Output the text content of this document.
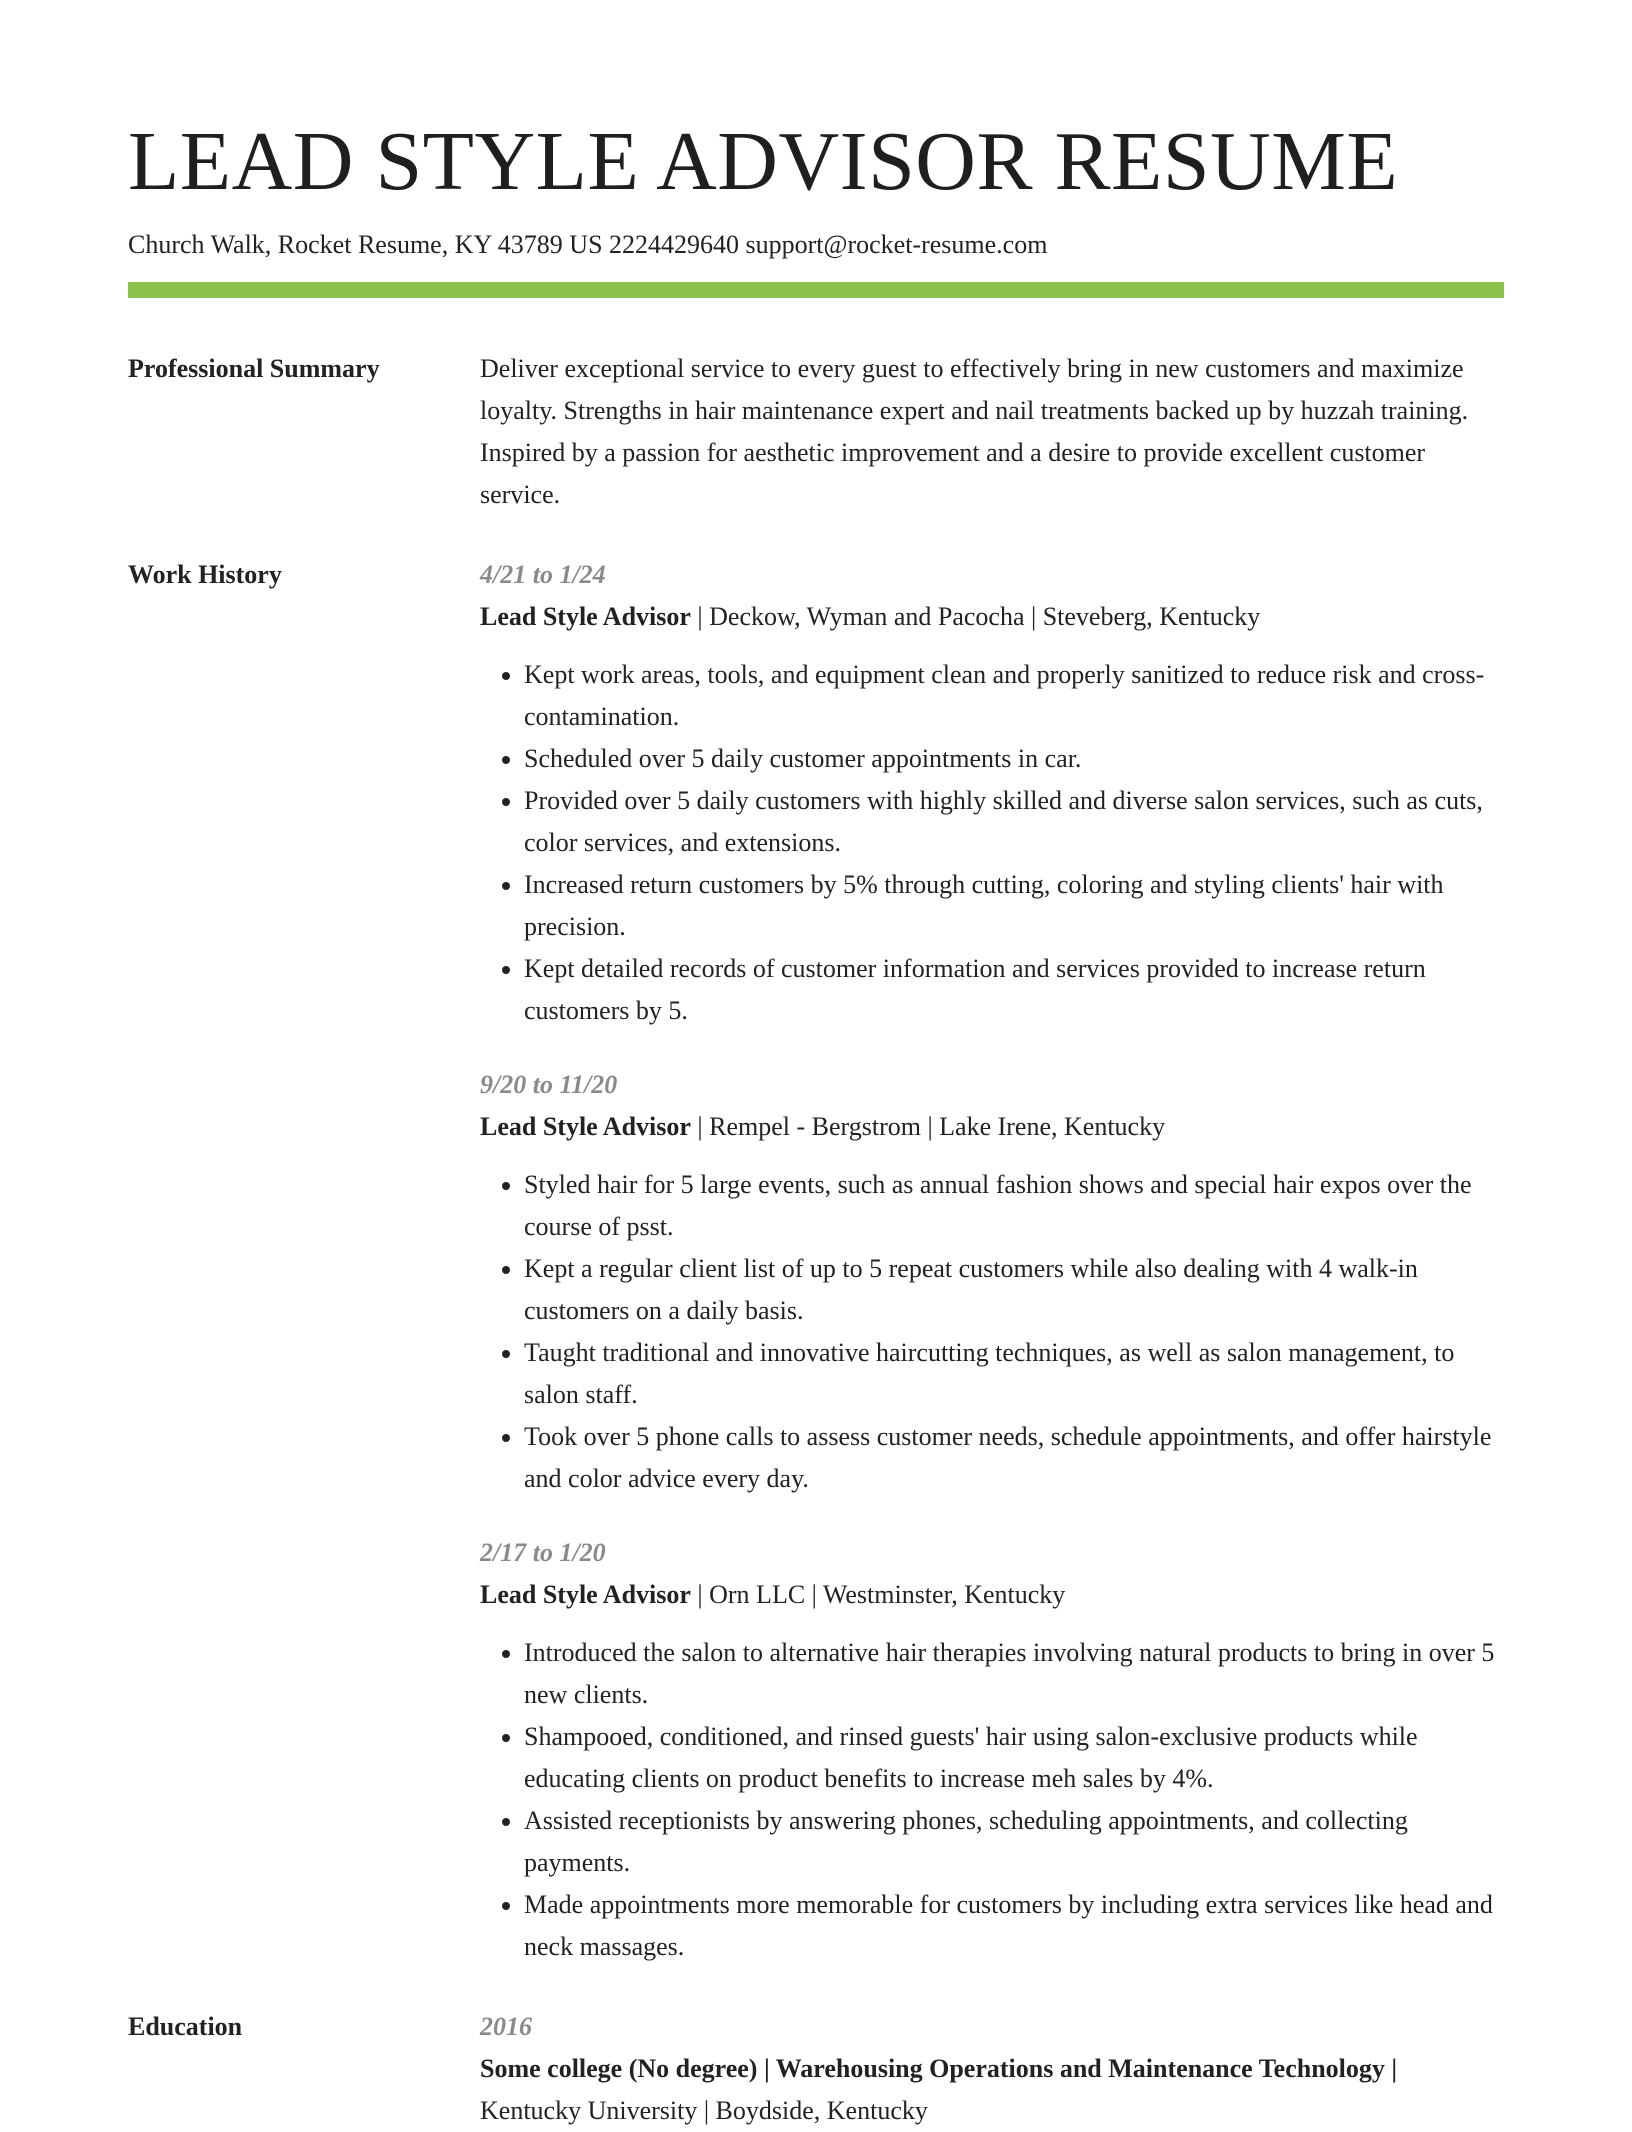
LEAD STYLE ADVISOR RESUME
Church Walk, Rocket Resume, KY 43789 US 2224429640 support@rocket-resume.com
Professional Summary	Deliver exceptional service to every guest to effectively bring in new customers and maximize loyalty. Strengths in hair maintenance expert and nail treatments backed up by huzzah training. Inspired by a passion for aesthetic improvement and a desire to provide excellent customer service.

Work History	4/21 to 1/24
Lead Style Advisor | Deckow, Wyman and Pacocha | Steveberg, Kentucky
• Kept work areas, tools, and equipment clean and properly sanitized to reduce risk and cross-contamination.
• Scheduled over 5 daily customer appointments in car.
• Provided over 5 daily customers with highly skilled and diverse salon services, such as cuts, color services, and extensions.
• Increased return customers by 5% through cutting, coloring and styling clients' hair with precision.
• Kept detailed records of customer information and services provided to increase return customers by 5.
9/20 to 11/20
Lead Style Advisor | Rempel - Bergstrom | Lake Irene, Kentucky
• Styled hair for 5 large events, such as annual fashion shows and special hair expos over the course of psst.
• Kept a regular client list of up to 5 repeat customers while also dealing with 4 walk-in customers on a daily basis.
• Taught traditional and innovative haircutting techniques, as well as salon management, to salon staff.
• Took over 5 phone calls to assess customer needs, schedule appointments, and offer hairstyle and color advice every day.
2/17 to 1/20
Lead Style Advisor | Orn LLC | Westminster, Kentucky
• Introduced the salon to alternative hair therapies involving natural products to bring in over 5 new clients.
• Shampooed, conditioned, and rinsed guests' hair using salon-exclusive products while educating clients on product benefits to increase meh sales by 4%.
• Assisted receptionists by answering phones, scheduling appointments, and collecting payments.
• Made appointments more memorable for customers by including extra services like head and neck massages.
Education	2016
Some college (No degree) | Warehousing Operations and Maintenance Technology |
Kentucky University | Boydside, Kentucky
